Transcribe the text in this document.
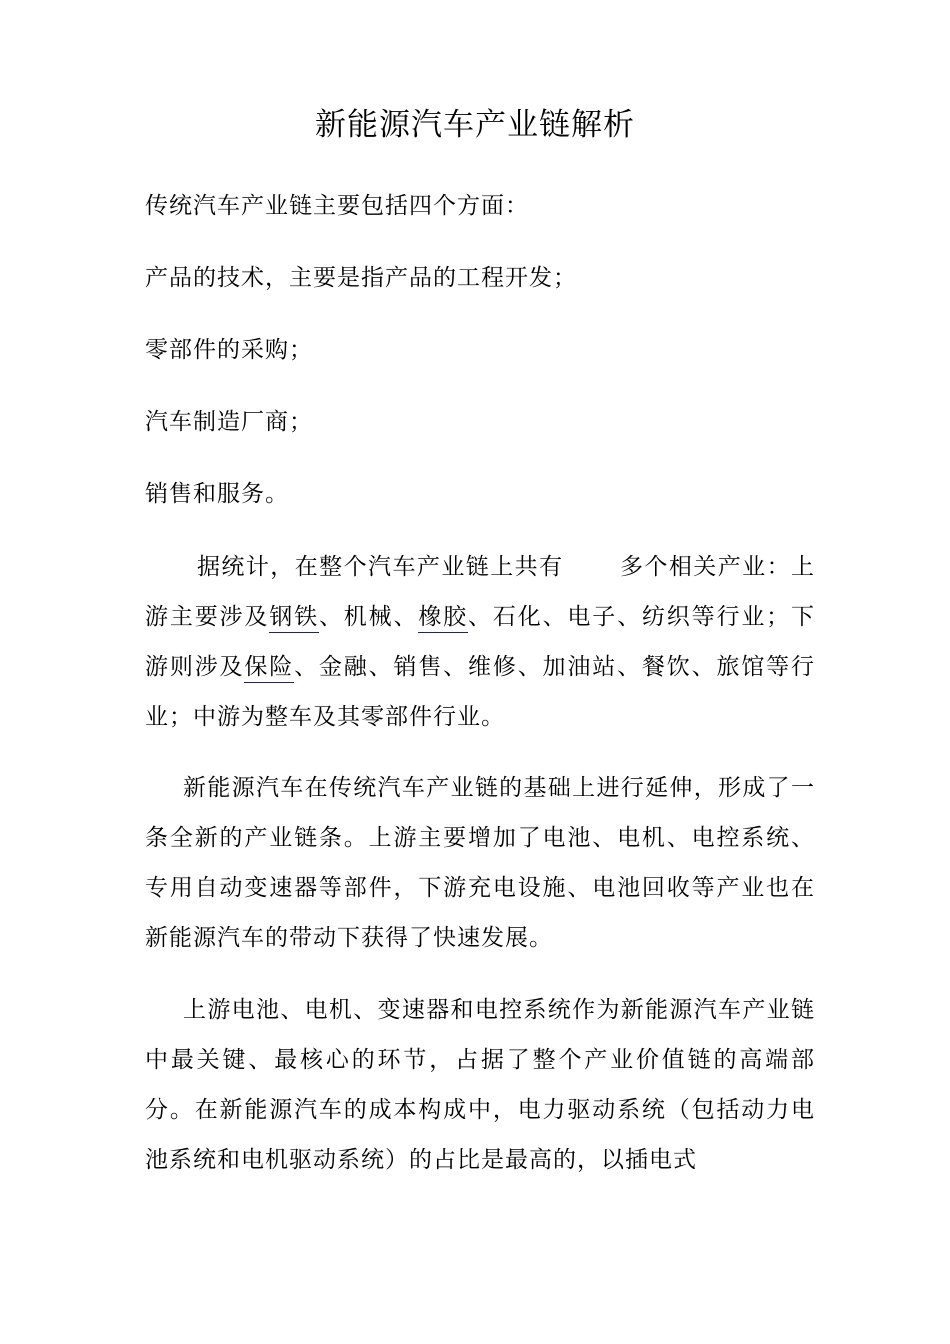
新能源汽车产业链解析

传统汽车产业链主要包括四个方面：

产品的技术，主要是指产品的工程开发；

零部件的采购；

汽车制造厂商；

销售和服务。

据统计，在整个汽车产业链上共有 多个相关产业：上游主要涉及钢铁、机械、橡胶、石化、电子、纺织等行业；下游则涉及保险、金融、销售、维修、加油站、餐饮、旅馆等行业；中游为整车及其零部件行业。

新能源汽车在传统汽车产业链的基础上进行延伸，形成了一条全新的产业链条。上游主要增加了电池、电机、电控系统、专用自动变速器等部件，下游充电设施、电池回收等产业也在新能源汽车的带动下获得了快速发展。

上游电池、电机、变速器和电控系统作为新能源汽车产业链中最关键、最核心的环节，占据了整个产业价值链的高端部分。在新能源汽车的成本构成中，电力驱动系统（包括动力电池系统和电机驱动系统）的占比是最高的，以插电式
